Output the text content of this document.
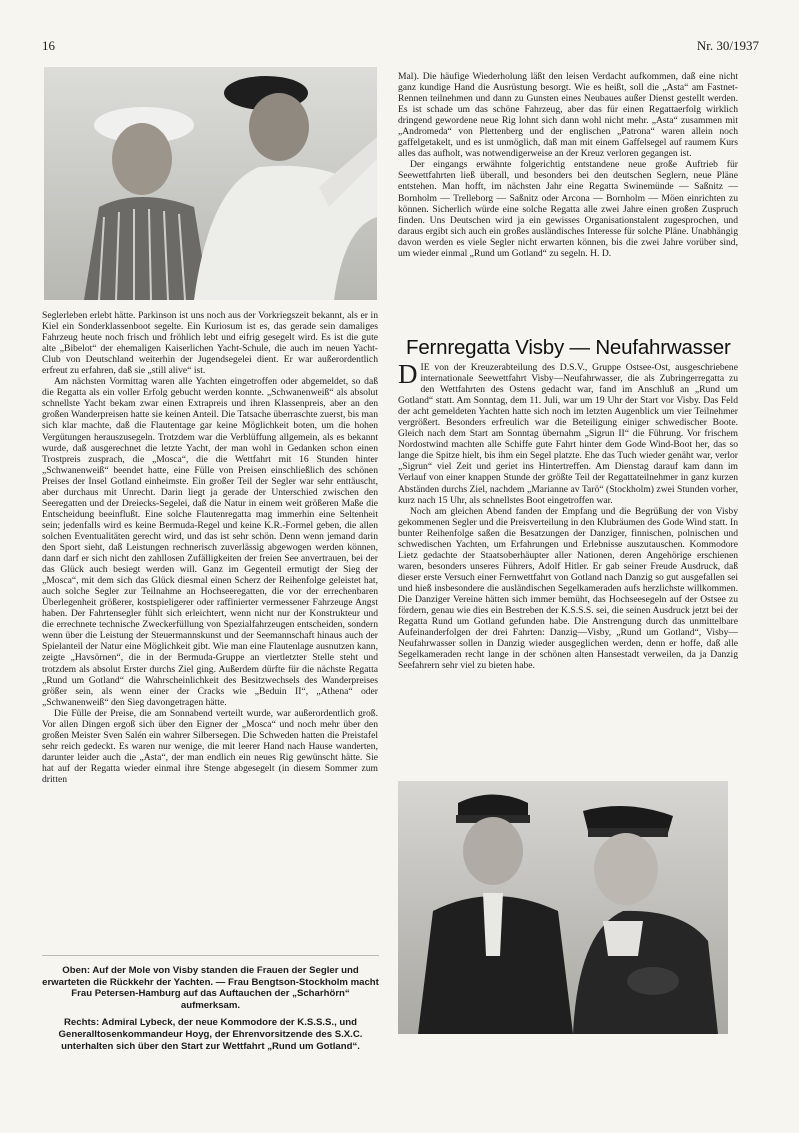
16	Nr. 30/1937

Mal). Die häufige Wiederholung läßt den leisen Verdacht aufkommen, daß eine nicht ganz kundige Hand die Ausrüstung besorgt. Wie es heißt, soll die „Asta“ am Fastnet-Rennen teilnehmen und dann zu Gunsten eines Neubaues außer Dienst gestellt werden. Es ist schade um das schöne Fahrzeug, aber das für einen Regattaerfolg wirklich dringend gewordene neue Rig lohnt sich dann wohl nicht mehr. „Asta“ zusammen mit „Andromeda“ von Plettenberg und der englischen „Patrona“ waren allein noch gaffelgetakelt, und es ist unmöglich, daß man mit einem Gaffelsegel auf raumem Kurs alles das aufholt, was notwendigerweise an der Kreuz verloren gegangen ist.

Der eingangs erwähnte folgerichtig entstandene neue große Auftrieb für Seewettfahrten ließ überall, und besonders bei den deutschen Seglern, neue Pläne entstehen. Man hofft, im nächsten Jahr eine Regatta Swinemünde — Saßnitz — Bornholm — Trelleborg — Saßnitz oder Arcona — Bornholm — Möen einrichten zu können. Sicherlich würde eine solche Regatta alle zwei Jahre einen großen Zuspruch finden. Uns Deutschen wird ja ein gewisses Organisationstalent zugesprochen, und daraus ergibt sich auch ein großes ausländisches Interesse für solche Pläne. Unabhängig davon werden es viele Segler nicht erwarten können, bis die zwei Jahre vorüber sind, um wieder einmal „Rund um Gotland“ zu segeln. H. D.

Fernregatta Visby — Neufahrwasser

DIE von der Kreuzerabteilung des D.S.V., Gruppe Ostsee-Ost, ausgeschriebene internationale Seewettfahrt Visby—Neufahrwasser, die als Zubringerregatta zu den Wettfahrten des Ostens gedacht war, fand im Anschluß an „Rund um Gotland“ statt. Am Sonntag, dem 11. Juli, war um 19 Uhr der Start vor Visby. Das Feld der acht gemeldeten Yachten hatte sich noch im letzten Augenblick um vier Teilnehmer vergrößert. Besonders erfreulich war die Beteiligung einiger schwedischer Boote. Gleich nach dem Start am Sonntag übernahm „Sigrun II“ die Führung. Vor frischem Nordostwind machten alle Schiffe gute Fahrt hinter dem Gode Wind-Boot her, das so lange die Spitze hielt, bis ihm ein Segel platzte. Ehe das Tuch wieder genäht war, verlor „Sigrun“ viel Zeit und geriet ins Hintertreffen. Am Dienstag darauf kam dann im Verlauf von einer knappen Stunde der größte Teil der Regattateilnehmer in ganz kurzen Abständen durchs Ziel, nachdem „Marianne av Tarö“ (Stockholm) zwei Stunden vorher, kurz nach 15 Uhr, als schnellstes Boot eingetroffen war.

Noch am gleichen Abend fanden der Empfang und die Begrüßung der von Visby gekommenen Segler und die Preisverteilung in den Klubräumen des Gode Wind statt. In bunter Reihenfolge saßen die Besatzungen der Danziger, finnischen, polnischen und schwedischen Yachten, um Erfahrungen und Erlebnisse auszutauschen. Kommodore Lietz gedachte der Staatsoberhäupter aller Nationen, deren Angehörige erschienen waren, besonders unseres Führers, Adolf Hitler. Er gab seiner Freude Ausdruck, daß dieser erste Versuch einer Fernwettfahrt von Gotland nach Danzig so gut ausgefallen sei und hieß insbesondere die ausländischen Segelkameraden aufs herzlichste willkommen. Die Danziger Vereine hätten sich immer bemüht, das Hochseesegeln auf der Ostsee zu fördern, genau wie dies ein Bestreben der K.S.S.S. sei, die seinen Ausdruck jetzt bei der Regatta Rund um Gotland gefunden habe. Die Anstrengung durch das unmittelbare Aufeinanderfolgen der drei Fahrten: Danzig—Visby, „Rund um Gotland“, Visby—Neufahrwasser sollen in Danzig wieder ausgeglichen werden, denn er hoffe, daß alle Segelkameraden recht lange in der schönen alten Hansestadt verweilen, da ja Danzig Seefahrern sehr viel zu bieten habe.

Seglerleben erlebt hätte. Parkinson ist uns noch aus der Vorkriegszeit bekannt, als er in Kiel ein Sonderklassenboot segelte. Ein Kuriosum ist es, das gerade sein damaliges Fahrzeug heute noch frisch und fröhlich lebt und eifrig gesegelt wird. Es ist die gute alte „Bibelot“ der ehemaligen Kaiserlichen Yacht-Schule, die auch im neuen Yacht-Club von Deutschland weiterhin der Jugendsegelei dient. Er war außerordentlich erfreut zu erfahren, daß sie „still alive“ ist.

Am nächsten Vormittag waren alle Yachten eingetroffen oder abgemeldet, so daß die Regatta als ein voller Erfolg gebucht werden konnte. „Schwanenweiß“ als absolut schnellste Yacht bekam zwar einen Extrapreis und ihren Klassenpreis, aber an den großen Wanderpreisen hatte sie keinen Anteil. Die Tatsache überraschte zuerst, bis man sich klar machte, daß die Flautentage gar keine Möglichkeit boten, um die hohen Vergütungen herauszusegeln. Trotzdem war die Verblüffung allgemein, als es bekannt wurde, daß ausgerechnet die letzte Yacht, der man wohl in Gedanken schon einen Trostpreis zusprach, die „Mosca“, die die Wettfahrt mit 16 Stunden hinter „Schwanenweiß“ beendet hatte, eine Fülle von Preisen einschließlich des schönen Preises der Insel Gotland einheimste. Ein großer Teil der Segler war sehr enttäuscht, aber durchaus mit Unrecht. Darin liegt ja gerade der Unterschied zwischen den Seeregatten und der Dreiecks-Segelei, daß die Natur in einem weit größeren Maße die Entscheidung beeinflußt. Eine solche Flautenregatta mag immerhin eine Seltenheit sein; jedenfalls wird es keine Bermuda-Regel und keine K.R.-Formel geben, die allen solchen Eventualitäten gerecht wird, und das ist sehr schön. Denn wenn jemand darin den Sport sieht, daß Leistungen rechnerisch zuverlässig abgewogen werden können, dann darf er sich nicht den zahllosen Zufälligkeiten der freien See anvertrauen, bei der das Glück auch besiegt werden will. Ganz im Gegenteil ermutigt der Sieg der „Mosca“, mit dem sich das Glück diesmal einen Scherz der Reihenfolge geleistet hat, auch solche Segler zur Teilnahme an Hochseeregatten, die vor der errechenbaren Überlegenheit größerer, kostspieligerer oder raffinierter vermessener Fahrzeuge Angst haben. Der Fahrtensegler fühlt sich erleichtert, wenn nicht nur der Konstrukteur und die errechnete technische Zweckerfüllung von Spezialfahrzeugen entscheiden, sondern wenn über die Leistung der Steuermannskunst und der Seemannschaft hinaus auch der Spielanteil der Natur eine Möglichkeit gibt. Wie man eine Flautenlage ausnutzen kann, zeigte „Havsörnen“, die in der Bermuda-Gruppe an viertletzter Stelle steht und trotzdem als absolut Erster durchs Ziel ging. Außerdem dürfte für die nächste Regatta „Rund um Gotland“ die Wahrscheinlichkeit des Besitzwechsels des Wanderpreises größer sein, als wenn einer der Cracks wie „Beduin II“, „Athena“ oder „Schwanenweiß“ den Sieg davongetragen hätte.

Die Fülle der Preise, die am Sonnabend verteilt wurde, war außerordentlich groß. Vor allen Dingen ergoß sich über den Eigner der „Mosca“ und noch mehr über den großen Meister Sven Salén ein wahrer Silbersegen. Die Schweden hatten die Preistafel sehr reich gedeckt. Es waren nur wenige, die mit leerer Hand nach Hause wanderten, darunter leider auch die „Asta“, der man endlich ein neues Rig gewünscht hätte. Sie hat auf der Regatta wieder einmal ihre Stenge abgesegelt (in diesem Sommer zum dritten

Oben: Auf der Mole von Visby standen die Frauen der Segler und erwarteten die Rückkehr der Yachten. — Frau Bengtson-Stockholm macht Frau Petersen-Hamburg auf das Auftauchen der „Scharhörn“ aufmerksam.

Rechts: Admiral Lybeck, der neue Kommodore der K.S.S.S., und Generalltosenkommandeur Hoyg, der Ehrenvorsitzende des S.X.C. unterhalten sich über den Start zur Wettfahrt „Rund um Gotland“.
